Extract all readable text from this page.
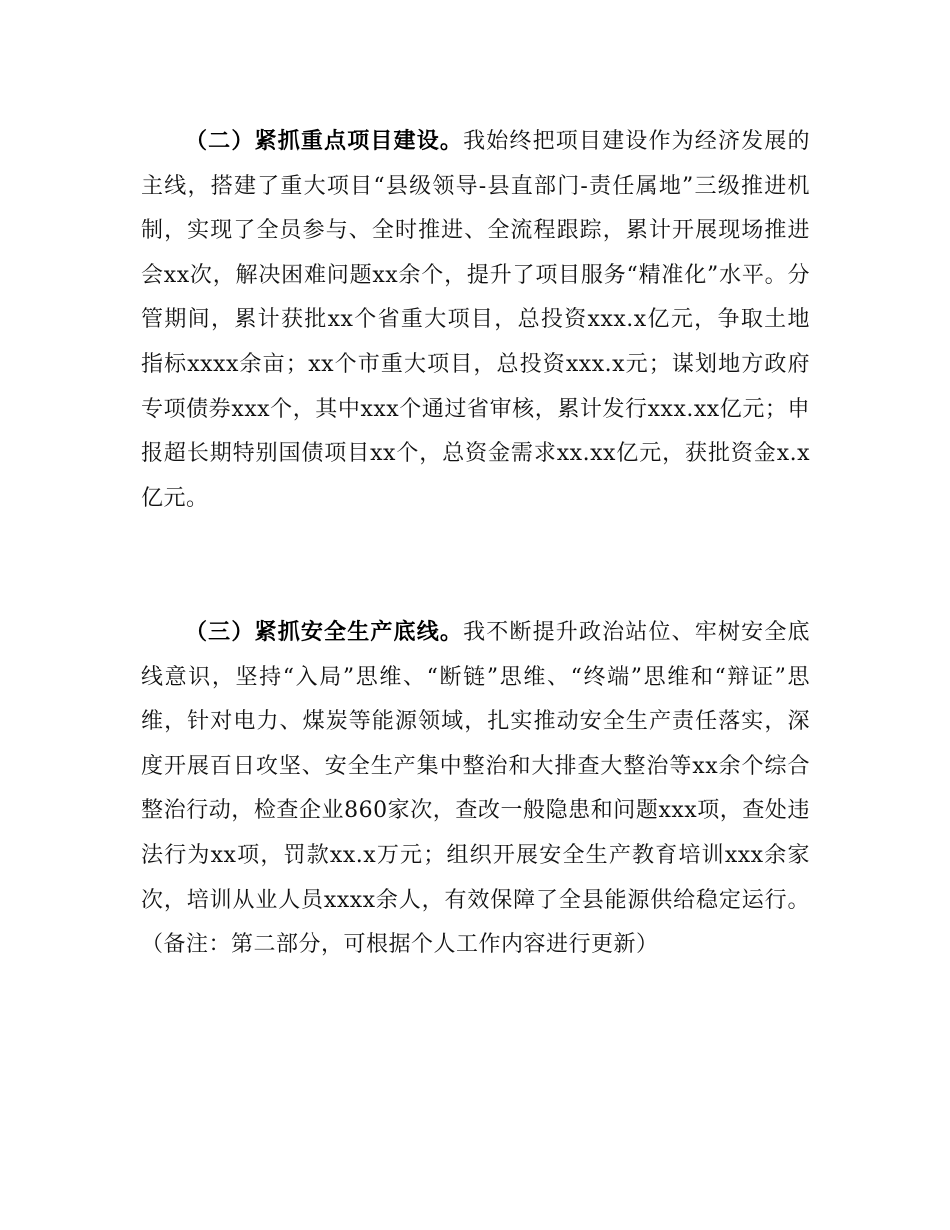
（二）紧抓重点项目建设。我始终把项目建设作为经济发展的主线，搭建了重大项目“县级领导-县直部门-责任属地”三级推进机制，实现了全员参与、全时推进、全流程跟踪，累计开展现场推进会xx次，解决困难问题xx余个，提升了项目服务“精准化”水平。分管期间，累计获批xx个省重大项目，总投资xxx.x亿元，争取土地指标xxxx余亩；xx个市重大项目，总投资xxx.x元；谋划地方政府专项债券xxx个，其中xxx个通过省审核，累计发行xxx.xx亿元；申报超长期特别国债项目xx个，总资金需求xx.xx亿元，获批资金x.x亿元。

（三）紧抓安全生产底线。我不断提升政治站位、牢树安全底线意识，坚持“入局”思维、“断链”思维、“终端”思维和“辩证”思维，针对电力、煤炭等能源领域，扎实推动安全生产责任落实，深度开展百日攻坚、安全生产集中整治和大排查大整治等xx余个综合整治行动，检查企业860家次，查改一般隐患和问题xxx项，查处违法行为xx项，罚款xx.x万元；组织开展安全生产教育培训xxx余家次，培训从业人员xxxx余人，有效保障了全县能源供给稳定运行。（备注：第二部分，可根据个人工作内容进行更新）
